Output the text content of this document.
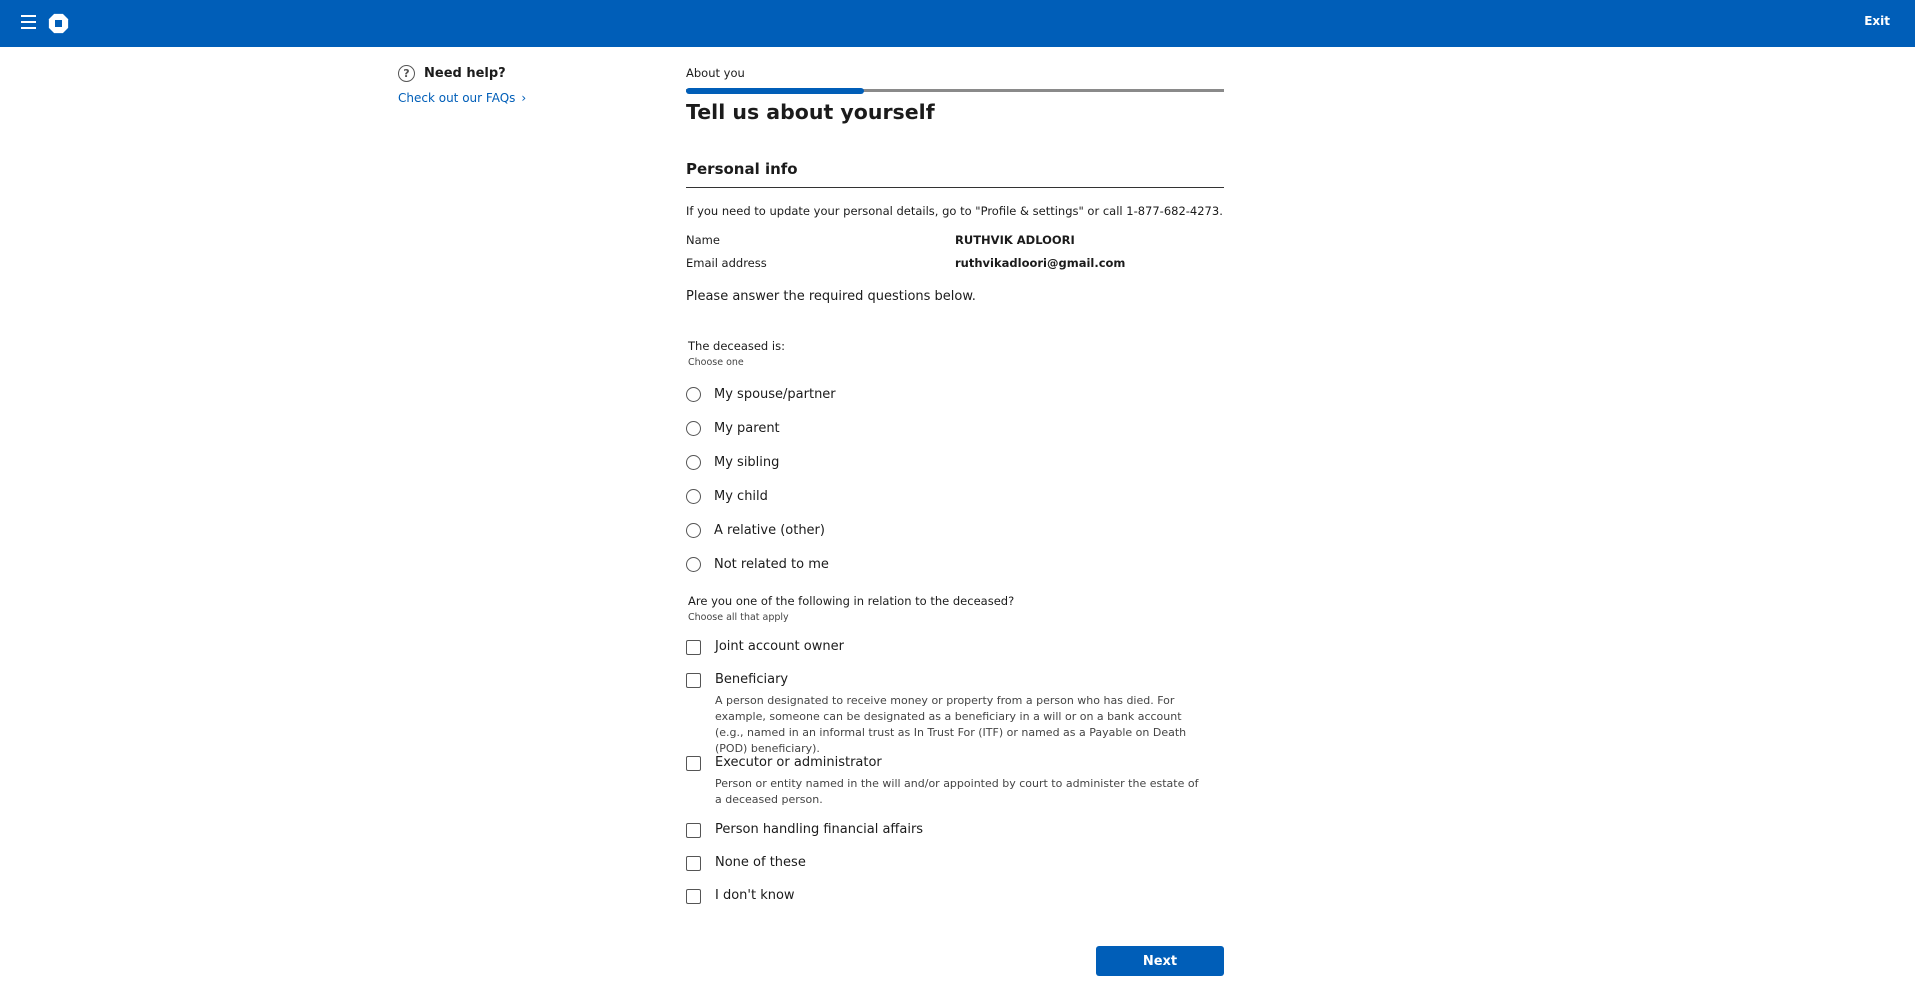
Exit
?	Need help?
Check out our FAQs ›
About you
Tell us about yourself
Personal info
If you need to update your personal details, go to "Profile & settings" or call 1-877-682-4273.
Name	RUTHVIK ADLOORI
Email address	ruthvikadloori@gmail.com
Please answer the required questions below.
The deceased is:
Choose one
My spouse/partner
My parent
My sibling
My child
A relative (other)
Not related to me
Are you one of the following in relation to the deceased?
Choose all that apply
Joint account owner
Beneficiary
A person designated to receive money or property from a person who has died. For example, someone can be designated as a beneficiary in a will or on a bank account (e.g., named in an informal trust as In Trust For (ITF) or named as a Payable on Death (POD) beneficiary).
Executor or administrator
Person or entity named in the will and/or appointed by court to administer the estate of a deceased person.
Person handling financial affairs
None of these
I don't know
Next
